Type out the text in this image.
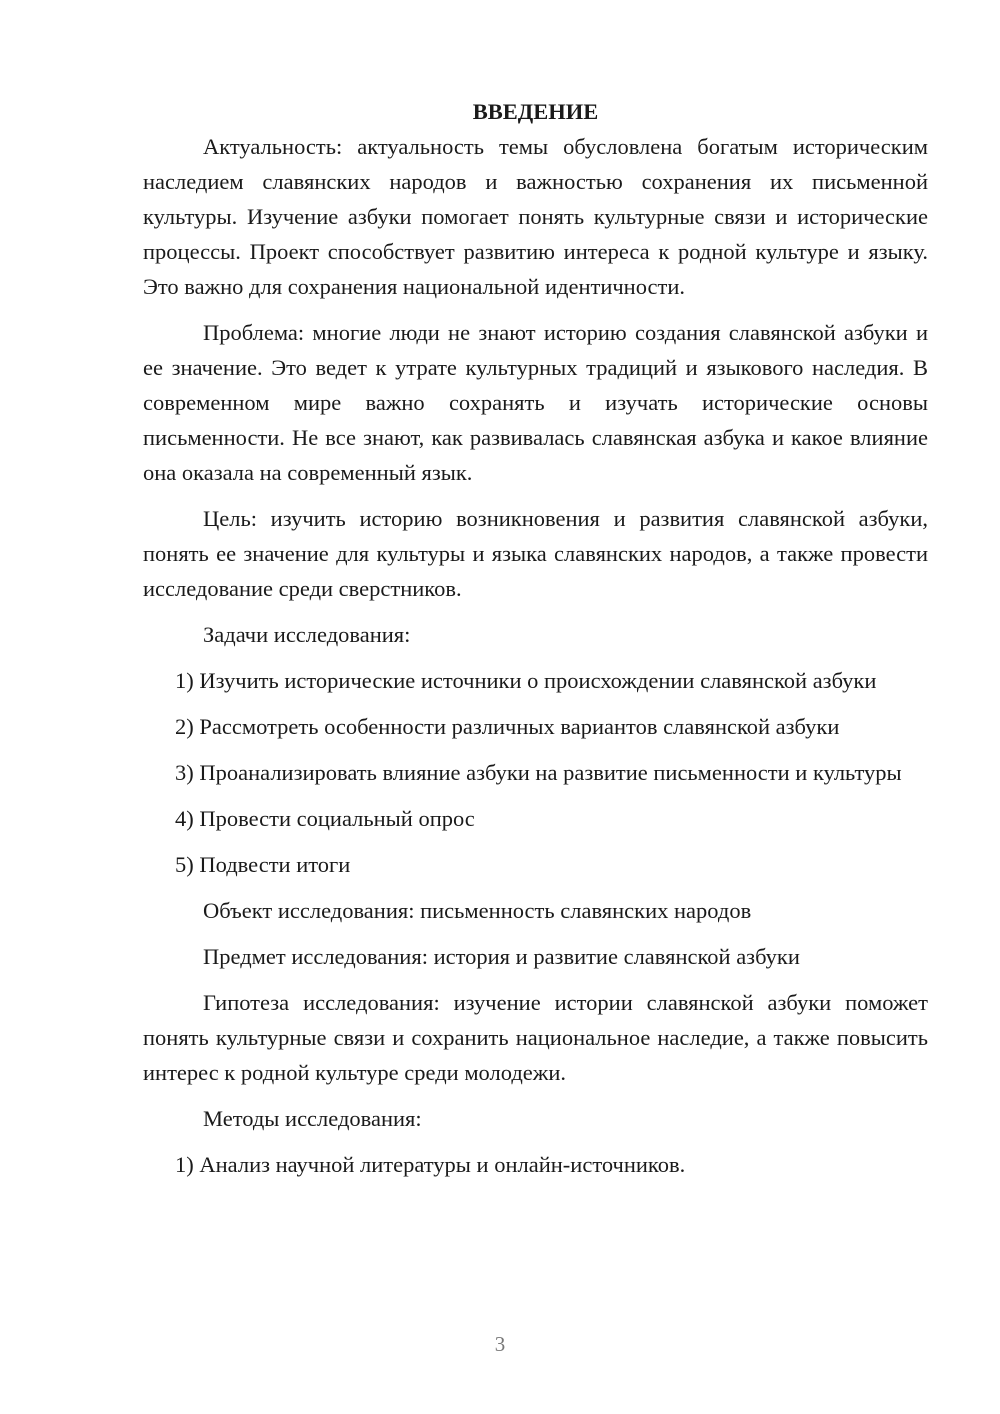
ВВЕДЕНИЕ

Актуальность: актуальность темы обусловлена богатым историческим наследием славянских народов и важностью сохранения их письменной культуры. Изучение азбуки помогает понять культурные связи и исторические процессы. Проект способствует развитию интереса к родной культуре и языку. Это важно для сохранения национальной идентичности.

Проблема: многие люди не знают историю создания славянской азбуки и ее значение. Это ведет к утрате культурных традиций и языкового наследия. В современном мире важно сохранять и изучать исторические основы письменности. Не все знают, как развивалась славянская азбука и какое влияние она оказала на современный язык.

Цель: изучить историю возникновения и развития славянской азбуки, понять ее значение для культуры и языка славянских народов, а также провести исследование среди сверстников.

Задачи исследования:

1) Изучить исторические источники о происхождении славянской азбуки

2) Рассмотреть особенности различных вариантов славянской азбуки

3) Проанализировать влияние азбуки на развитие письменности и культуры

4) Провести социальный опрос

5) Подвести итоги

Объект исследования: письменность славянских народов

Предмет исследования: история и развитие славянской азбуки

Гипотеза исследования: изучение истории славянской азбуки поможет понять культурные связи и сохранить национальное наследие, а также повысить интерес к родной культуре среди молодежи.

Методы исследования:

1) Анализ научной литературы и онлайн-источников.

3
